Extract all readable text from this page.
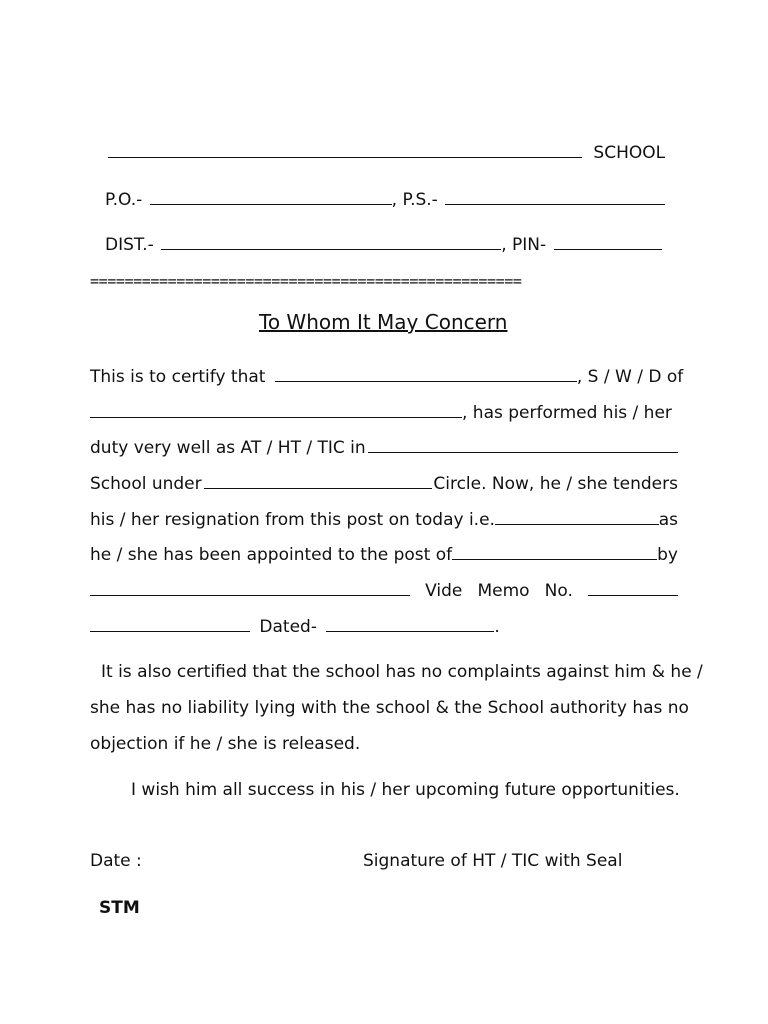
SCHOOL
P.O.-	, P.S.-
DIST.-	, PIN-
==================================================
To Whom It May Concern
This is to certify that	, S / W / D of
, has performed his / her
duty very well as AT / HT / TIC in
School under	Circle. Now, he / she tenders
his / her resignation from this post on today i.e.	as
he / she has been appointed to the post of	by
Vide Memo No.
Dated-	.
It is also certified that the school has no complaints against him & he /
she has no liability lying with the school & the School authority has no
objection if he / she is released.
I wish him all success in his / her upcoming future opportunities.
Date :	Signature of HT / TIC with Seal
STM
